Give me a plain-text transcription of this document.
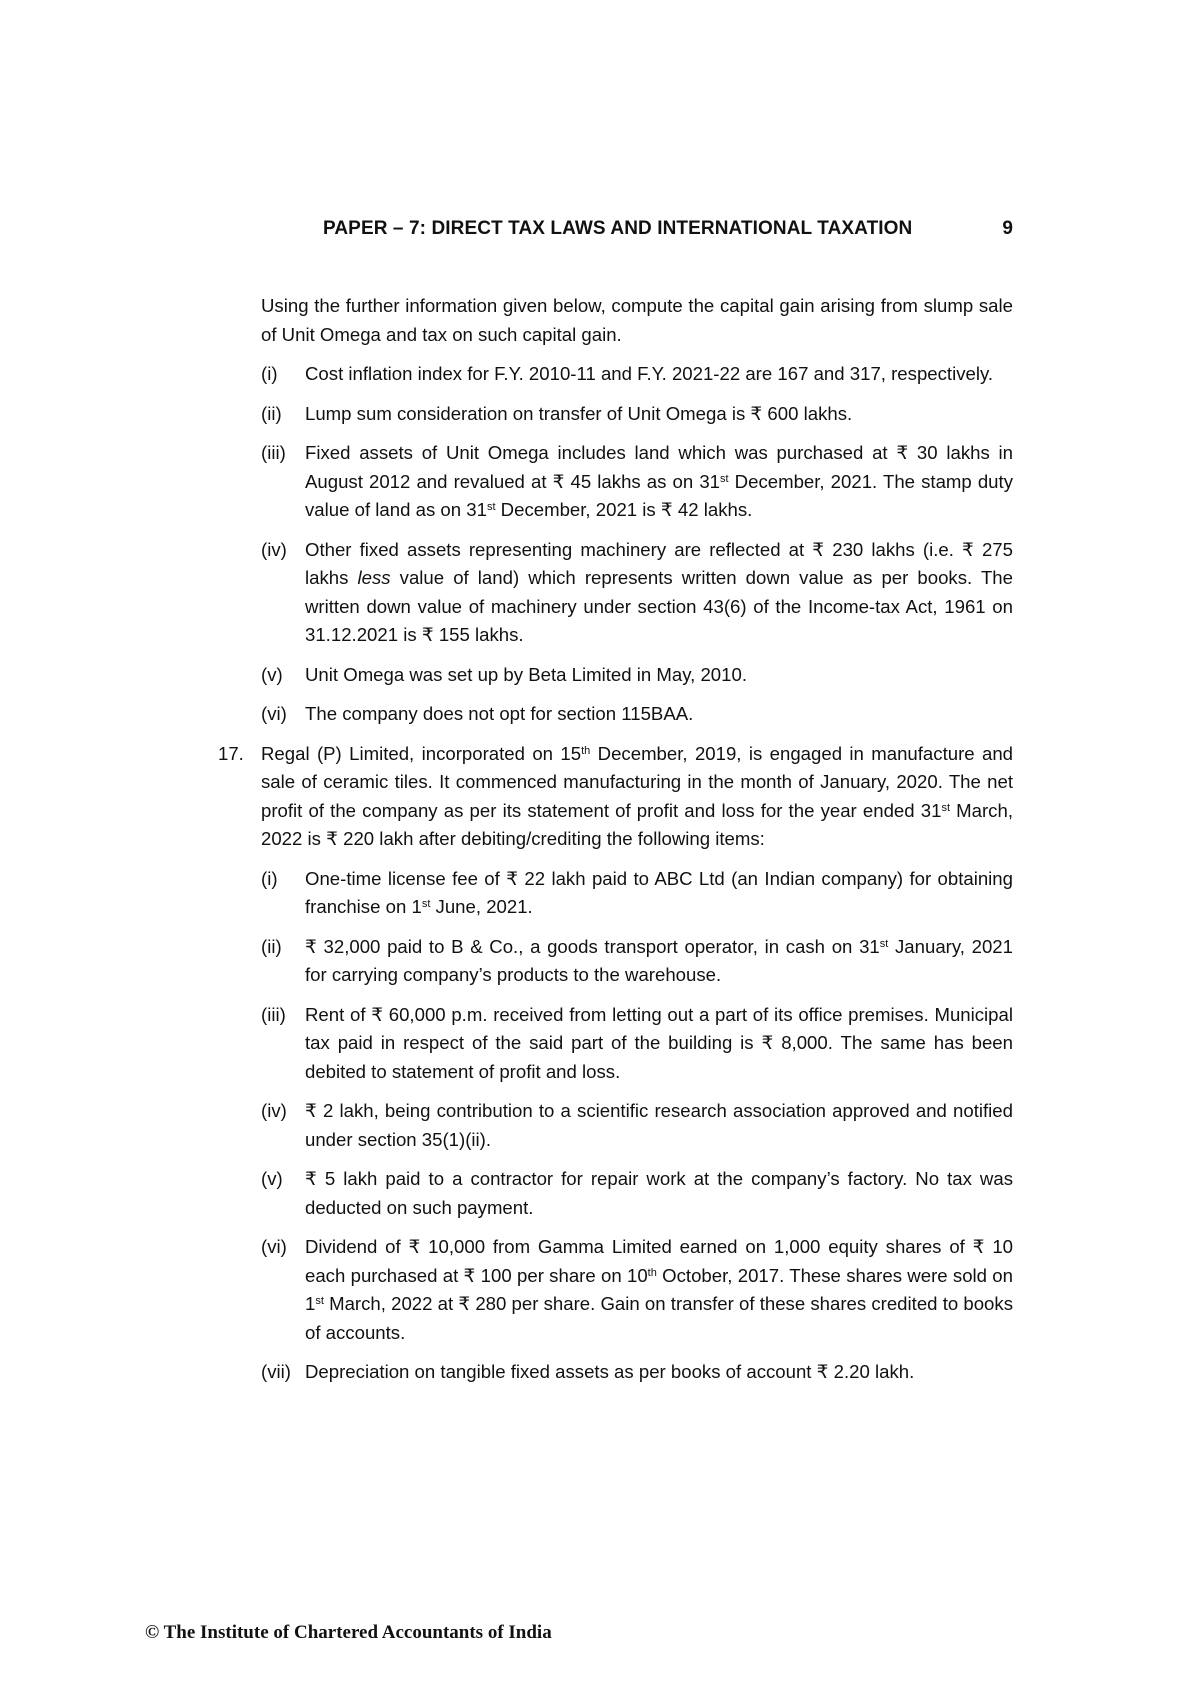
PAPER – 7: DIRECT TAX LAWS AND INTERNATIONAL TAXATION	9

Using the further information given below, compute the capital gain arising from slump sale of Unit Omega and tax on such capital gain.

(i)	Cost inflation index for F.Y. 2010-11 and F.Y. 2021-22 are 167 and 317, respectively.
(ii)	Lump sum consideration on transfer of Unit Omega is ₹ 600 lakhs.
(iii)	Fixed assets of Unit Omega includes land which was purchased at ₹ 30 lakhs in August 2012 and revalued at ₹ 45 lakhs as on 31st December, 2021. The stamp duty value of land as on 31st December, 2021 is ₹ 42 lakhs.
(iv) Other fixed assets representing machinery are reflected at ₹ 230 lakhs (i.e. ₹ 275 lakhs less value of land) which represents written down value as per books. The written down value of machinery under section 43(6) of the Income-tax Act, 1961 on 31.12.2021 is ₹ 155 lakhs.
(v)	Unit Omega was set up by Beta Limited in May, 2010.
(vi) The company does not opt for section 115BAA.
17. Regal (P) Limited, incorporated on 15th December, 2019, is engaged in manufacture and sale of ceramic tiles. It commenced manufacturing in the month of January, 2020. The net profit of the company as per its statement of profit and loss for the year ended 31st March, 2022 is ₹ 220 lakh after debiting/crediting the following items:
(i)	One-time license fee of ₹ 22 lakh paid to ABC Ltd (an Indian company) for obtaining franchise on 1st June, 2021.
(ii)	₹ 32,000 paid to B & Co., a goods transport operator, in cash on 31st January, 2021 for carrying company’s products to the warehouse.
(iii)	Rent of ₹ 60,000 p.m. received from letting out a part of its office premises. Municipal tax paid in respect of the said part of the building is ₹ 8,000. The same has been debited to statement of profit and loss.
(iv) ₹ 2 lakh, being contribution to a scientific research association approved and notified under section 35(1)(ii).
(v)	₹ 5 lakh paid to a contractor for repair work at the company’s factory. No tax was deducted on such payment.
(vi) Dividend of ₹ 10,000 from Gamma Limited earned on 1,000 equity shares of ₹ 10 each purchased at ₹ 100 per share on 10th October, 2017. These shares were sold on 1st March, 2022 at ₹ 280 per share. Gain on transfer of these shares credited to books of accounts.
(vii) Depreciation on tangible fixed assets as per books of account ₹ 2.20 lakh.
© The Institute of Chartered Accountants of India
